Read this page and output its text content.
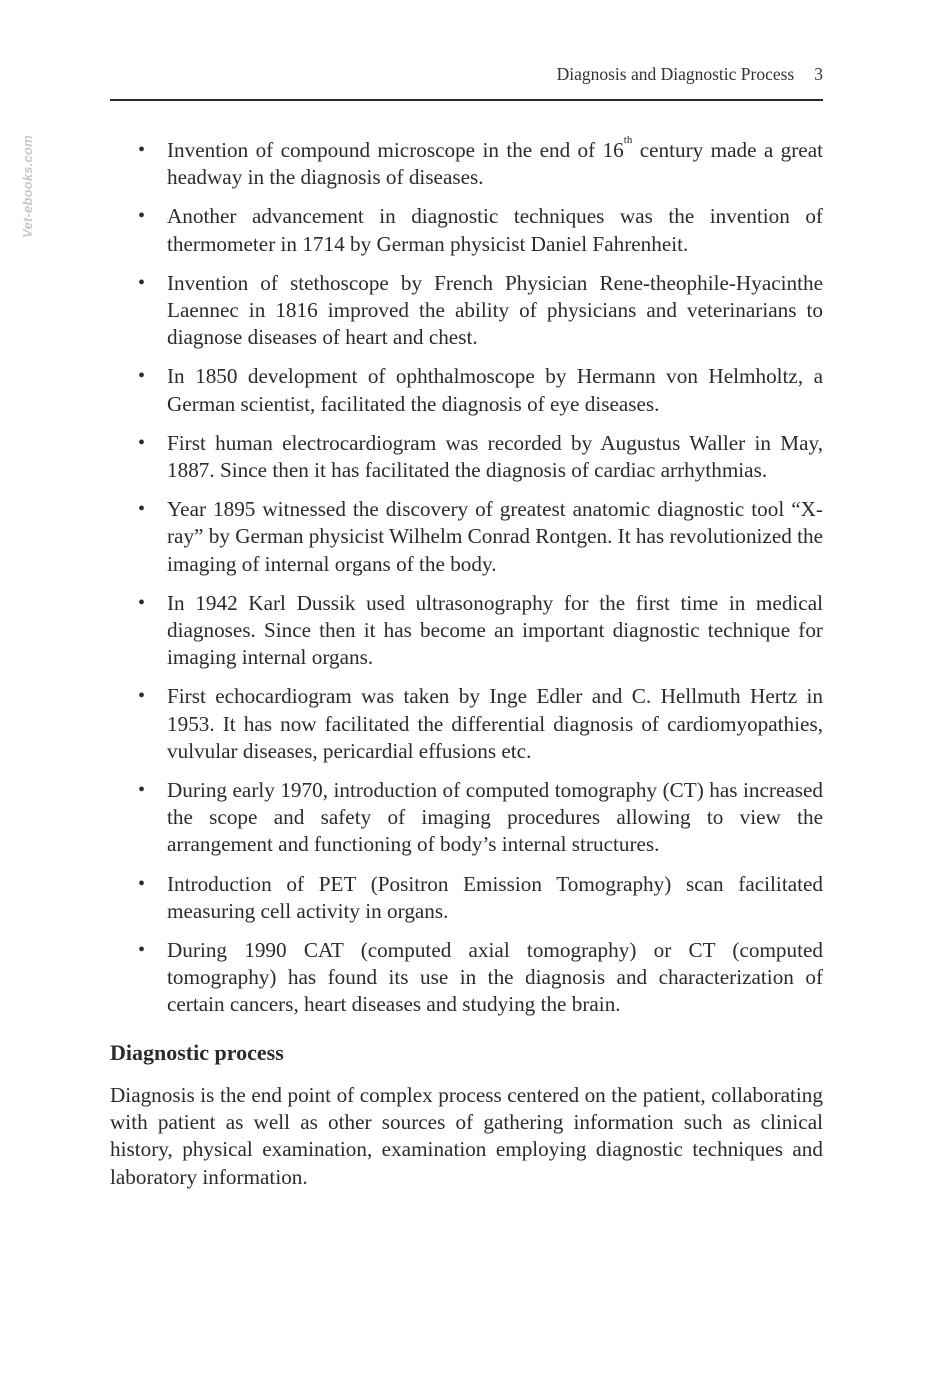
Diagnosis and Diagnostic Process 3
Vet-ebooks.com	• Invention of compound microscope in the end of 16th century made a great headway in the diagnosis of diseases.
• Another advancement in diagnostic techniques was the invention of thermometer in 1714 by German physicist Daniel Fahrenheit.
• Invention of stethoscope by French Physician Rene-theophile-Hyacinthe Laennec in 1816 improved the ability of physicians and veterinarians to diagnose diseases of heart and chest.
• In 1850 development of ophthalmoscope by Hermann von Helmholtz, a German scientist, facilitated the diagnosis of eye diseases.
• First human electrocardiogram was recorded by Augustus Waller in May, 1887. Since then it has facilitated the diagnosis of cardiac arrhythmias.
• Year 1895 witnessed the discovery of greatest anatomic diagnostic tool “X-ray” by German physicist Wilhelm Conrad Rontgen. It has revolutionized the imaging of internal organs of the body.
• In 1942 Karl Dussik used ultrasonography for the first time in medical diagnoses. Since then it has become an important diagnostic technique for imaging internal organs.
• First echocardiogram was taken by Inge Edler and C. Hellmuth Hertz in 1953. It has now facilitated the differential diagnosis of cardiomyopathies, vulvular diseases, pericardial effusions etc.
• During early 1970, introduction of computed tomography (CT) has increased the scope and safety of imaging procedures allowing to view the arrangement and functioning of body’s internal structures.
• Introduction of PET (Positron Emission Tomography) scan facilitated measuring cell activity in organs.
• During 1990 CAT (computed axial tomography) or CT (computed tomography) has found its use in the diagnosis and characterization of certain cancers, heart diseases and studying the brain.
Diagnostic process

Diagnosis is the end point of complex process centered on the patient, collaborating with patient as well as other sources of gathering information such as clinical history, physical examination, examination employing diagnostic techniques and laboratory information.
